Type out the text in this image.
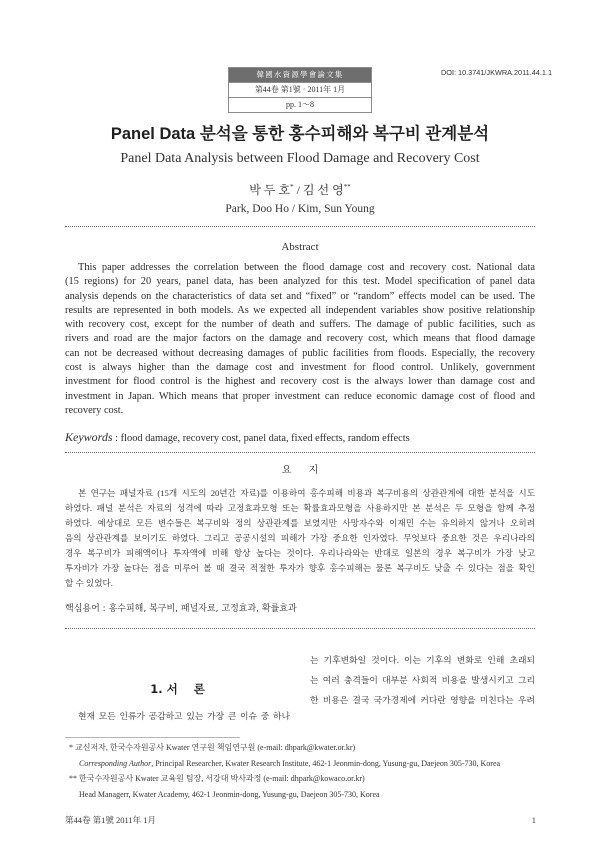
韓國水資源學會論文集
第44卷 第1號 · 2011年 1月
pp. 1～8
DOI: 10.3741/JKWRA.2011.44.1.1
Panel Data 분석을 통한 홍수피해와 복구비 관계분석
Panel Data Analysis between Flood Damage and Recovery Cost
박 두 호* / 김 선 영**
Park, Doo Ho / Kim, Sun Young
Abstract
This paper addresses the correlation between the flood damage cost and recovery cost. National data
(15 regions) for 20 years, panel data, has been analyzed for this test. Model specification of panel data
analysis depends on the characteristics of data set and “fixed” or “random” effects model can be used. The
results are represented in both models. As we expected all independent variables show positive relationship
with recovery cost, except for the number of death and suffers. The damage of public facilities, such as
rivers and road are the major factors on the damage and recovery cost, which means that flood damage
can not be decreased without decreasing damages of public facilities from floods. Especially, the recovery
cost is always higher than the damage cost and investment for flood control. Unlikely, government
investment for flood control is the highest and recovery cost is the always lower than damage cost and
investment in Japan. Which means that proper investment can reduce economic damage cost of flood and
recovery cost.
Keywords : flood damage, recovery cost, panel data, fixed effects, random effects
요 지
본 연구는 패널자료 (15개 시도의 20년간 자료)를 이용하여 홍수피해 비용과 복구비용의 상관관계에 대한 분석을 시도
하였다. 패널 분석은 자료의 성격에 따라 고정효과모형 또는 확률효과모형을 사용하지만 본 분석은 두 모형을 함께 추정
하였다. 예상대로 모든 변수들은 복구비와 정의 상관관계를 보였지만 사망자수와 이재민 수는 유의하지 않거나 오히려
음의 상관관계를 보이기도 하였다. 그리고 공공시설의 피해가 가장 중요한 인자였다. 무엇보다 중요한 것은 우리나라의
경우 복구비가 피해액이나 투자액에 비해 항상 높다는 것이다. 우리나라와는 반대로 일본의 경우 복구비가 가장 낮고
투자비가 가장 높다는 점을 미루어 볼 때 결국 적절한 투자가 향후 홍수피해는 물론 복구비도 낮출 수 있다는 점을 확인
할 수 있었다.
핵심용어 : 홍수피해, 복구비, 패널자료, 고정효과, 확률효과
1. 서 론
현재 모든 인류가 공감하고 있는 가장 큰 이슈 중 하나
는 기후변화일 것이다. 이는 기후의 변화로 인해 초래되
는 여러 충격들이 대부분 사회적 비용을 발생시키고 그리
한 비용은 결국 국가경제에 커다란 영향을 미친다는 우려
* 교신저자, 한국수자원공사 Kwater 연구원 책임연구원 (e-mail: dhpark@kwater.or.kr)
Corresponding Author, Principal Researcher, Kwater Research Institute, 462-1 Jeonmin-dong, Yusung-gu, Daejeon 305-730, Korea
** 한국수자원공사 Kwater 교육원 팀장, 서강대 박사과정 (e-mail: dhpark@kowaco.or.kr)
Head Managerr, Kwater Academy, 462-1 Jeonmin-dong, Yusung-gu, Daejeon 305-730, Korea
第44卷 第1號 2011年 1月	1
